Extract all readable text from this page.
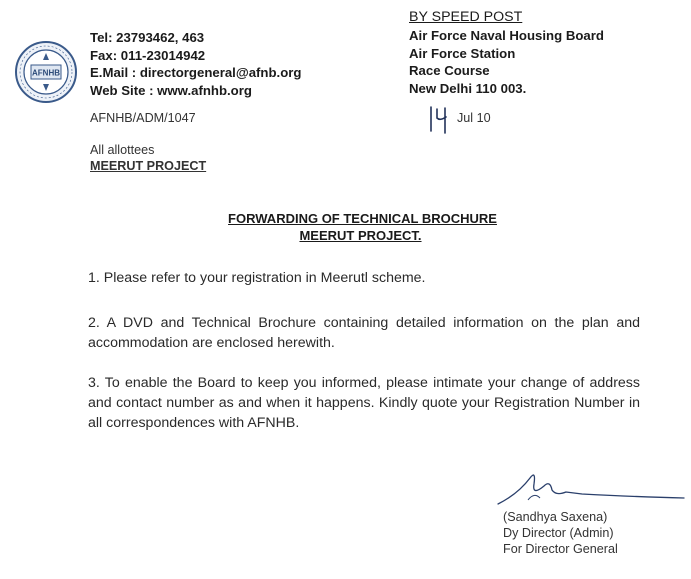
AFNHB
Tel: 23793462, 463
Fax: 011-23014942
E.Mail : directorgeneral@afnb.org
Web Site : www.afnhb.org
BY SPEED POST
Air Force Naval Housing Board
Air Force Station
Race Course
New Delhi 110 003.
AFNHB/ADM/1047	Jul 10
All allottees
MEERUT PROJECT
FORWARDING OF TECHNICAL BROCHURE
MEERUT PROJECT.
1. Please refer to your registration in Meerutl scheme.
2. A DVD and Technical Brochure containing detailed information on the plan and accommodation are enclosed herewith.
3. To enable the Board to keep you informed, please intimate your change of address and contact number as and when it happens. Kindly quote your Registration Number in all correspondences with AFNHB.
(Sandhya Saxena)
Dy Director (Admin)
For Director General
